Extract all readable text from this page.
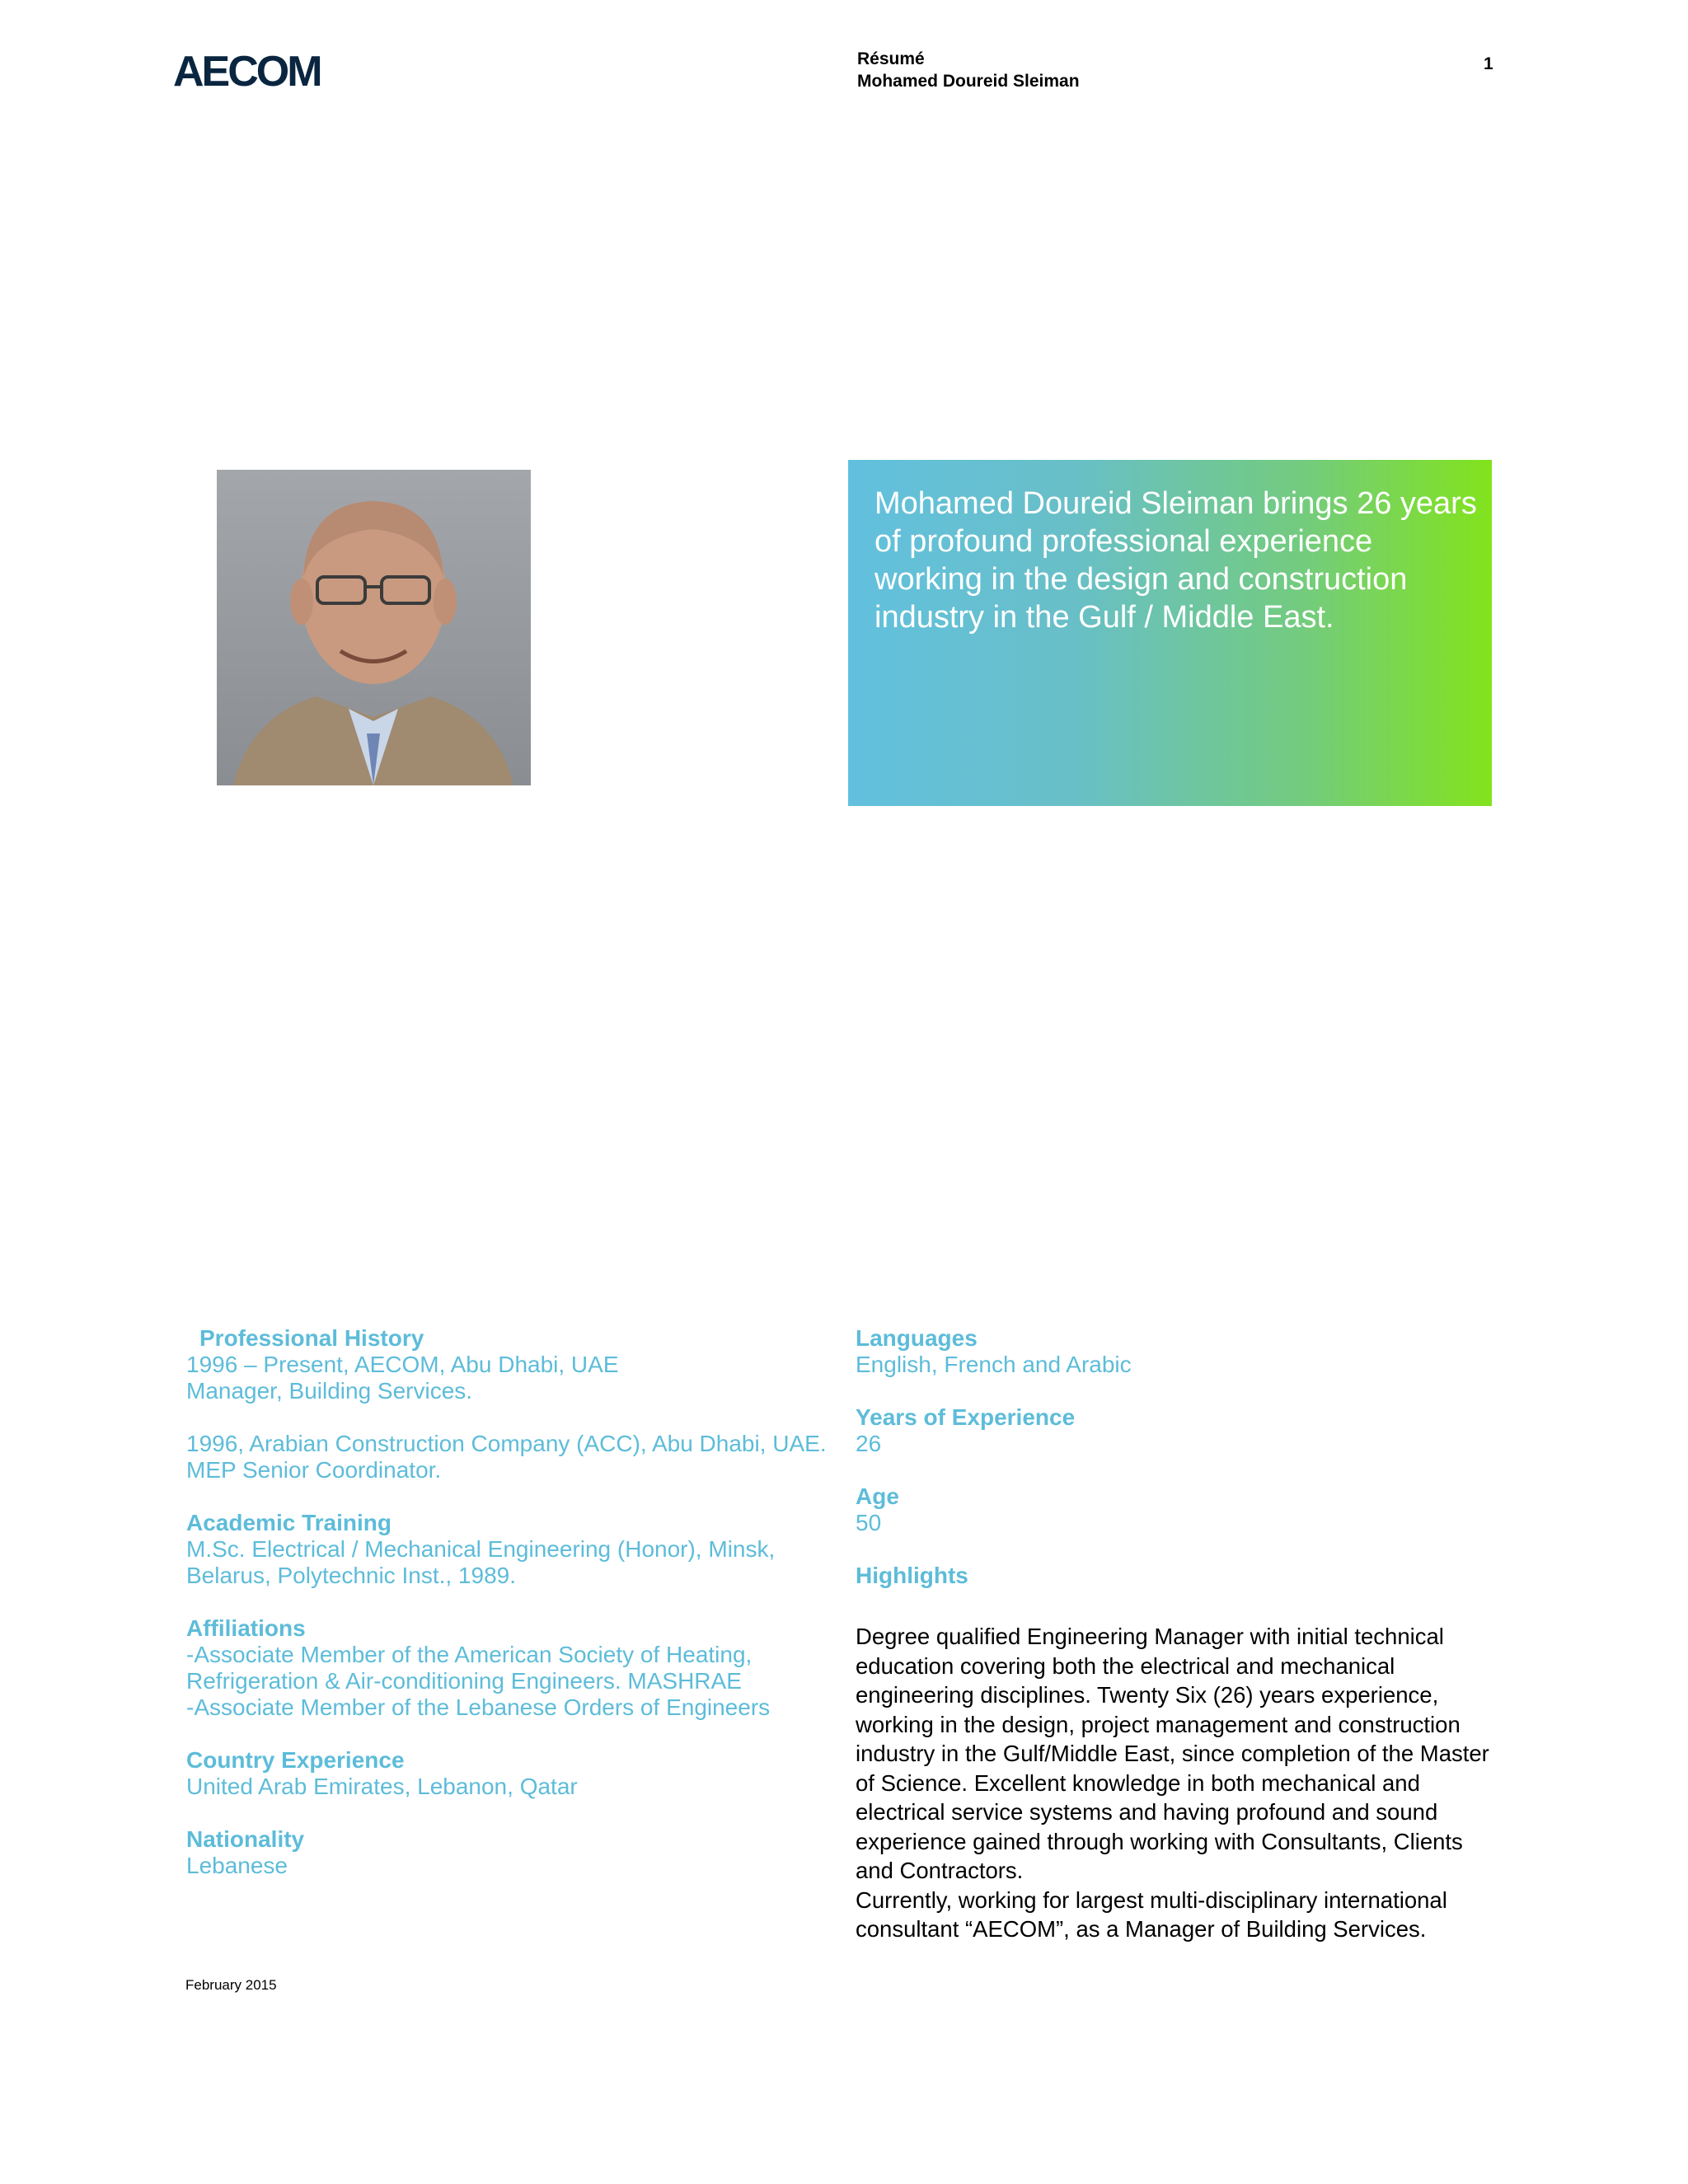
AECOM	Résumé
Mohamed Doureid Sleiman
1
Mohamed Doureid Sleiman brings 26 years of profound professional experience working in the design and construction industry in the Gulf / Middle East.
Professional History
1996 – Present, AECOM, Abu Dhabi, UAE
Manager, Building Services.
1996, Arabian Construction Company (ACC), Abu Dhabi, UAE.
MEP Senior Coordinator.
Academic Training
M.Sc. Electrical / Mechanical Engineering (Honor), Minsk,
Belarus, Polytechnic Inst., 1989.
Affiliations
-Associate Member of the American Society of Heating,
Refrigeration & Air-conditioning Engineers. MASHRAE
-Associate Member of the Lebanese Orders of Engineers
Country Experience
United Arab Emirates, Lebanon, Qatar
Nationality
Lebanese
Languages
English, French and Arabic
Years of Experience
26
Age
50
Highlights
Degree qualified Engineering Manager with initial technical
education covering both the electrical and mechanical
engineering disciplines. Twenty Six (26) years experience,
working in the design, project management and construction
industry in the Gulf/Middle East, since completion of the Master
of Science. Excellent knowledge in both mechanical and
electrical service systems and having profound and sound
experience gained through working with Consultants, Clients
and Contractors.
Currently, working for largest multi-disciplinary international
consultant “AECOM”, as a Manager of Building Services.
February 2015
